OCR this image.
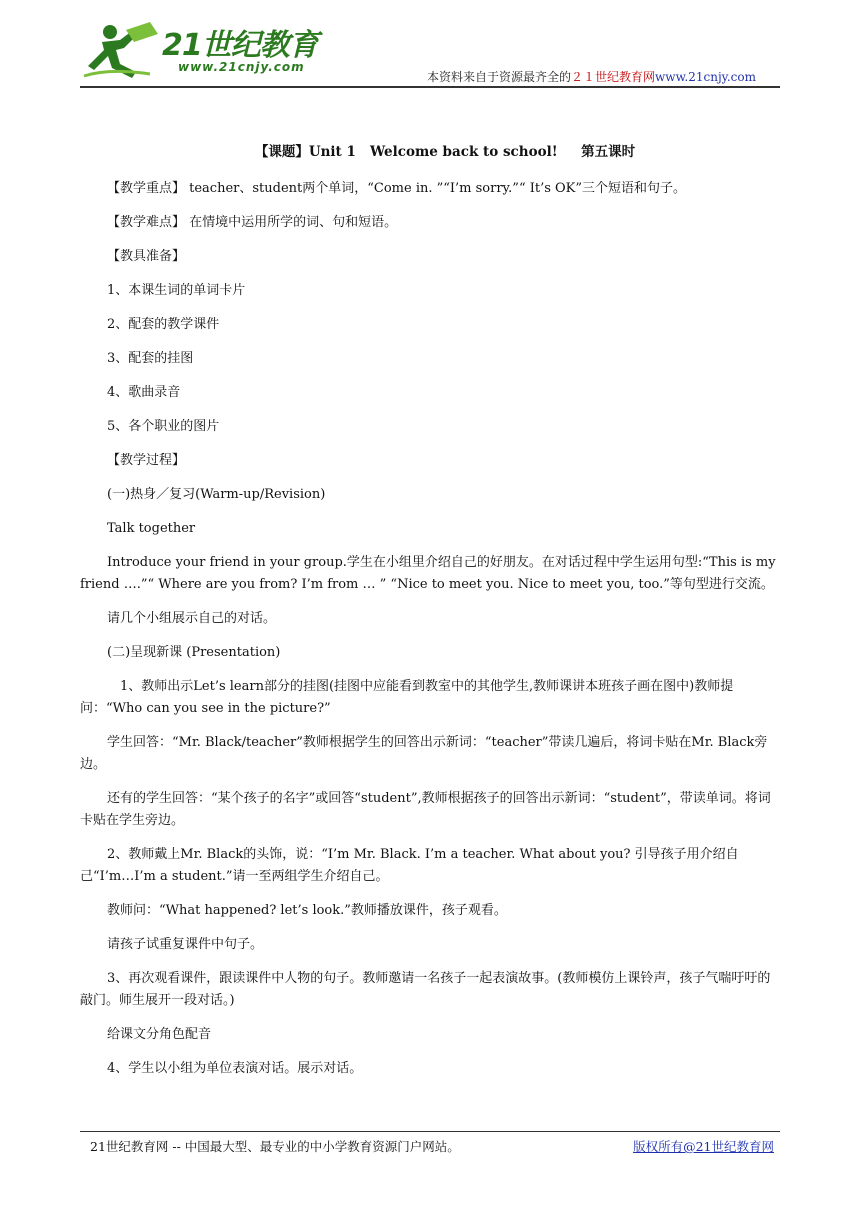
21世纪教育
www.21cnjy.com
本资料来自于资源最齐全的２１世纪教育网www.21cnjy.com
【课题】Unit 1   Welcome back to school!     第五课时

【教学重点】 teacher、student两个单词，“Come in. ”“I’m sorry.”“ It’s OK”三个短语和句子。

【教学难点】 在情境中运用所学的词、句和短语。

【教具准备】

1、本课生词的单词卡片

2、配套的教学课件

3、配套的挂图

4、歌曲录音

5、各个职业的图片

【教学过程】

(一)热身／复习(Warm-up/Revision)

Talk together

Introduce your friend in your group.学生在小组里介绍自己的好朋友。在对话过程中学生运用句型:“This is my friend ….”“ Where are you from? I’m from … ” “Nice to meet you. Nice to meet you, too.”等句型进行交流。

请几个小组展示自己的对话。

(二)呈现新课 (Presentation)

1、教师出示Let’s learn部分的挂图(挂图中应能看到教室中的其他学生,教师课讲本班孩子画在图中)教师提问：“Who can you see in the picture?”

学生回答：“Mr. Black/teacher”教师根据学生的回答出示新词：“teacher”带读几遍后，将词卡贴在Mr. Black旁边。

还有的学生回答：“某个孩子的名字”或回答“student”,教师根据孩子的回答出示新词：“student”，带读单词。将词卡贴在学生旁边。

2、教师戴上Mr. Black的头饰，说：“I’m Mr. Black. I’m a teacher. What about you? 引导孩子用介绍自己“I’m…I’m a student.”请一至两组学生介绍自己。

教师问：“What happened? let’s look.”教师播放课件，孩子观看。

请孩子试重复课件中句子。

3、再次观看课件，跟读课件中人物的句子。教师邀请一名孩子一起表演故事。(教师模仿上课铃声，孩子气喘吁吁的敲门。师生展开一段对话。)

给课文分角色配音

4、学生以小组为单位表演对话。展示对话。

21世纪教育网 -- 中国最大型、最专业的中小学教育资源门户网站。	版权所有@21世纪教育网
